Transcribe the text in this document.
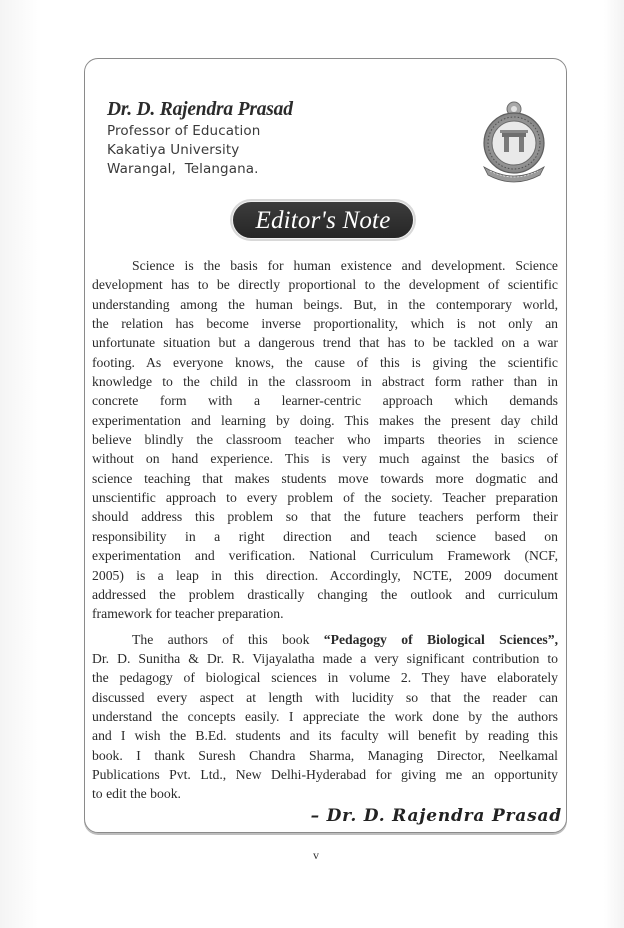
Dr. D. Rajendra Prasad
Professor of Education
Kakatiya University
Warangal,  Telangana.
Editor's Note
Science is the basis for human existence and development. Science
development has to be directly proportional to the development of scientific
understanding among the human beings. But, in the contemporary world,
the relation has become inverse proportionality, which is not only an
unfortunate situation but a dangerous trend that has to be tackled on a war
footing. As everyone knows, the cause of this is giving the scientific
knowledge to the child in the classroom in abstract form rather than in
concrete form with a learner-centric approach which demands
experimentation and learning by doing. This makes the present day child
believe blindly the classroom teacher who imparts theories in science
without on hand experience. This is very much against the basics of
science teaching that makes students move towards more dogmatic and
unscientific approach to every problem of the society. Teacher preparation
should address this problem so that the future teachers perform their
responsibility in a right direction and teach science based on
experimentation and verification. National Curriculum Framework (NCF,
2005) is a leap in this direction. Accordingly, NCTE, 2009 document
addressed the problem drastically changing the outlook and curriculum
framework for teacher preparation.
The authors of this book “Pedagogy of Biological Sciences”,
Dr. D. Sunitha & Dr. R. Vijayalatha made a very significant contribution to
the pedagogy of biological sciences in volume 2. They have elaborately
discussed every aspect at length with lucidity so that the reader can
understand the concepts easily. I appreciate the work done by the authors
and I wish the B.Ed. students and its faculty will benefit by reading this
book. I thank Suresh Chandra Sharma, Managing Director, Neelkamal
Publications Pvt. Ltd., New Delhi-Hyderabad for giving me an opportunity
to edit the book.
– Dr. D. Rajendra Prasad
v
